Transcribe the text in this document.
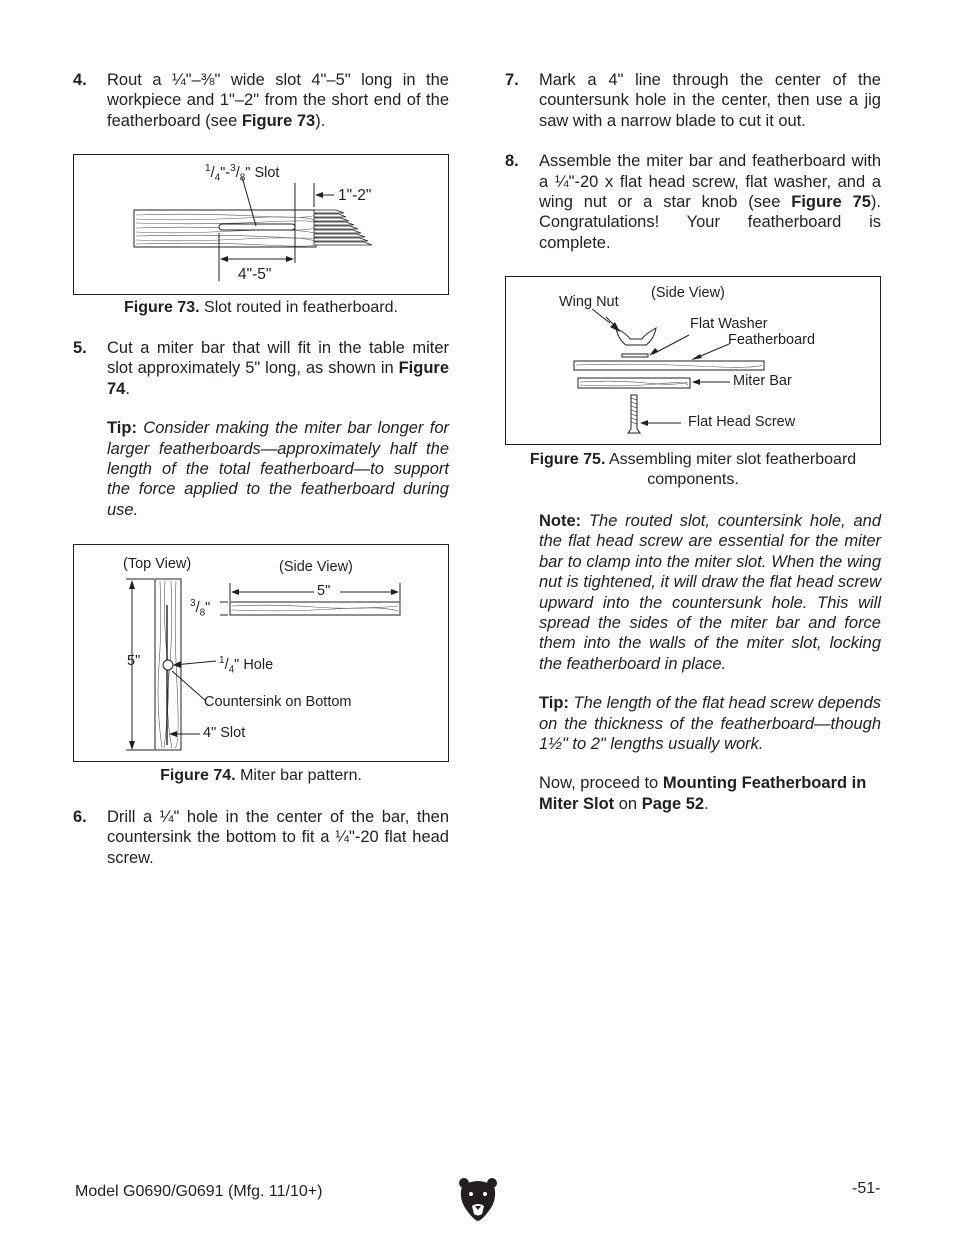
4. Rout a ¼"–⅜" wide slot 4"–5" long in the workpiece and 1"–2" from the short end of the featherboard (see Figure 73).
$^1/_4"-^3/_8$" Slot
1"-2"
4"-5"
Figure 73. Slot routed in featherboard.
5. Cut a miter bar that will fit in the table miter slot approximately 5" long, as shown in Figure 74.
Tip: Consider making the miter bar longer for larger featherboards—approximately half the length of the total featherboard—to support the force applied to the featherboard during use.
(Top View)	(Side View)
5"
$^3/_8$"
5"	$^1/_4$" Hole
Countersink on Bottom
4" Slot
Figure 74. Miter bar pattern.
6. Drill a ¼" hole in the center of the bar, then countersink the bottom to fit a ¼"-20 flat head screw.
7. Mark a 4" line through the center of the countersunk hole in the center, then use a jig saw with a narrow blade to cut it out.
8. Assemble the miter bar and featherboard with a ¼"-20 x flat head screw, flat washer, and a wing nut or a star knob (see Figure 75). Congratulations! Your featherboard is complete.
(Side View)
Wing Nut
Flat Washer
Featherboard
Miter Bar
Flat Head Screw
Figure 75. Assembling miter slot featherboard components.
Note: The routed slot, countersink hole, and the flat head screw are essential for the miter bar to clamp into the miter slot. When the wing nut is tightened, it will draw the flat head screw upward into the countersunk hole. This will spread the sides of the miter bar and force them into the walls of the miter slot, locking the featherboard in place.
Tip: The length of the flat head screw depends on the thickness of the featherboard—though 1½" to 2" lengths usually work.
Now, proceed to Mounting Featherboard in Miter Slot on Page 52.
Model G0690/G0691 (Mfg. 11/10+)	-51-
